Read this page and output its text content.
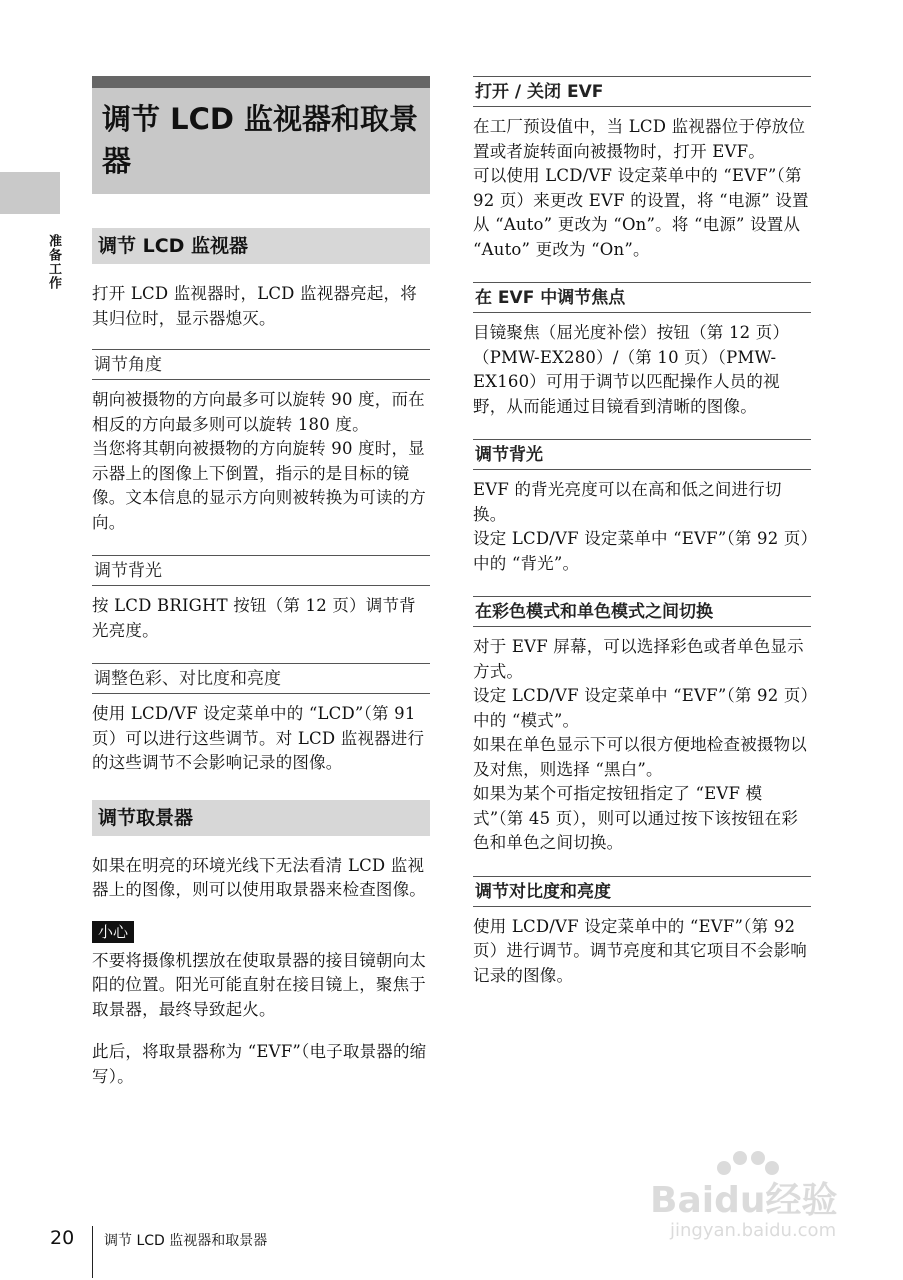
准备工作
调节 LCD 监视器和取景器
调节 LCD 监视器

打开 LCD 监视器时，LCD 监视器亮起，将其归位时，显示器熄灭。

调节角度

朝向被摄物的方向最多可以旋转 90 度，而在相反的方向最多则可以旋转 180 度。

当您将其朝向被摄物的方向旋转 90 度时，显示器上的图像上下倒置，指示的是目标的镜像。文本信息的显示方向则被转换为可读的方向。

调节背光

按 LCD BRIGHT 按钮（第 12 页）调节背光亮度。

调整色彩、对比度和亮度

使用 LCD/VF 设定菜单中的 “LCD”（第 91 页）可以进行这些调节。对 LCD 监视器进行的这些调节不会影响记录的图像。

调节取景器

如果在明亮的环境光线下无法看清 LCD 监视器上的图像，则可以使用取景器来检查图像。

小心

不要将摄像机摆放在使取景器的接目镜朝向太阳的位置。阳光可能直射在接目镜上，聚焦于取景器，最终导致起火。

此后，将取景器称为 “EVF”（电子取景器的缩写）。

打开 / 关闭 EVF

在工厂预设值中，当 LCD 监视器位于停放位置或者旋转面向被摄物时，打开 EVF。

可以使用 LCD/VF 设定菜单中的 “EVF”（第 92 页）来更改 EVF 的设置，将 “电源” 设置从 “Auto” 更改为 “On”。将 “电源” 设置从 “Auto” 更改为 “On”。

在 EVF 中调节焦点

目镜聚焦（屈光度补偿）按钮（第 12 页）（PMW-EX280）/（第 10 页）（PMW-EX160）可用于调节以匹配操作人员的视野，从而能通过目镜看到清晰的图像。

调节背光

EVF 的背光亮度可以在高和低之间进行切换。

设定 LCD/VF 设定菜单中 “EVF”（第 92 页）中的 “背光”。

在彩色模式和单色模式之间切换

对于 EVF 屏幕，可以选择彩色或者单色显示方式。

设定 LCD/VF 设定菜单中 “EVF”（第 92 页）中的 “模式”。

如果在单色显示下可以很方便地检查被摄物以及对焦，则选择 “黑白”。

如果为某个可指定按钮指定了 “EVF 模式”（第 45 页），则可以通过按下该按钮在彩色和单色之间切换。

调节对比度和亮度

使用 LCD/VF 设定菜单中的 “EVF”（第 92 页）进行调节。调节亮度和其它项目不会影响记录的图像。

Baidu经验
jingyan.baidu.com
20 调节 LCD 监视器和取景器
